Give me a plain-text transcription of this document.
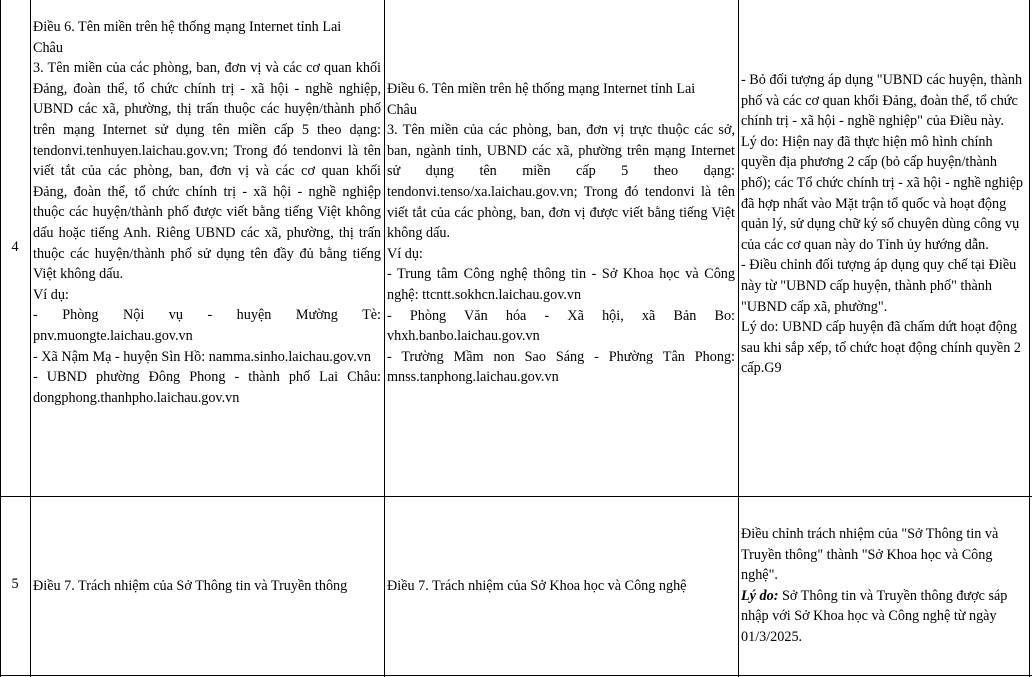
4

Điều 6. Tên miền trên hệ thống mạng Internet tỉnh Lai

Châu

3. Tên miền của các phòng, ban, đơn vị và các cơ quan khối Đảng, đoàn thể, tổ chức chính trị - xã hội - nghề nghiệp, UBND các xã, phường, thị trấn thuộc các huyện/thành phố trên mạng Internet sử dụng tên miền cấp 5 theo dạng: tendonvi.tenhuyen.laichau.gov.vn; Trong đó tendonvi là tên viết tắt của các phòng, ban, đơn vị và các cơ quan khối Đảng, đoàn thể, tổ chức chính trị - xã hội - nghề nghiệp thuộc các huyện/thành phố được viết bằng tiếng Việt không dấu hoặc tiếng Anh. Riêng UBND các xã, phường, thị trấn thuộc các huyện/thành phố sử dụng tên đầy đủ bằng tiếng Việt không dấu.

Ví dụ:

- Phòng Nội vụ - huyện Mường Tè: pnv.muongte.laichau.gov.vn

- Xã Nậm Mạ - huyện Sìn Hồ: namma.sinho.laichau.gov.vn

- UBND phường Đông Phong - thành phố Lai Châu: dongphong.thanhpho.laichau.gov.vn

Điều 6. Tên miền trên hệ thống mạng Internet tỉnh Lai

Châu

3. Tên miền của các phòng, ban, đơn vị trực thuộc các sở, ban, ngành tỉnh, UBND các xã, phường trên mạng Internet sử dụng tên miền cấp 5 theo dạng: tendonvi.tenso/xa.laichau.gov.vn; Trong đó tendonvi là tên viết tắt của các phòng, ban, đơn vị được viết bằng tiếng Việt không dấu.

Ví dụ:

- Trung tâm Công nghệ thông tin - Sở Khoa học và Công nghệ: ttcntt.sokhcn.laichau.gov.vn

- Phòng Văn hóa - Xã hội, xã Bản Bo: vhxh.banbo.laichau.gov.vn

- Trường Mầm non Sao Sáng - Phường Tân Phong: mnss.tanphong.laichau.gov.vn

- Bỏ đối tượng áp dụng "UBND các huyện, thành phố và các cơ quan khối Đảng, đoàn thể, tổ chức chính trị - xã hội - nghề nghiệp" của Điều này.

Lý do: Hiện nay đã thực hiện mô hình chính quyền địa phương 2 cấp (bỏ cấp huyện/thành phố); các Tổ chức chính trị - xã hội - nghề nghiệp đã hợp nhất vào Mặt trận tổ quốc và hoạt động quản lý, sử dụng chữ ký số chuyên dùng công vụ của các cơ quan này do Tỉnh ủy hướng dẫn.

- Điều chỉnh đối tượng áp dụng quy chế tại Điều này từ "UBND cấp huyện, thành phố" thành "UBND cấp xã, phường".

Lý do: UBND cấp huyện đã chấm dứt hoạt động sau khi sắp xếp, tổ chức hoạt động chính quyền 2 cấp.G9

5	Điều 7. Trách nhiệm của Sở Thông tin và Truyền thông	Điều 7. Trách nhiệm của Sở Khoa học và Công nghệ

Điều chỉnh trách nhiệm của "Sở Thông tin và Truyền thông" thành "Sở Khoa học và Công nghệ".

Lý do: Sở Thông tin và Truyền thông được sáp nhập với Sở Khoa học và Công nghệ từ ngày 01/3/2025.
